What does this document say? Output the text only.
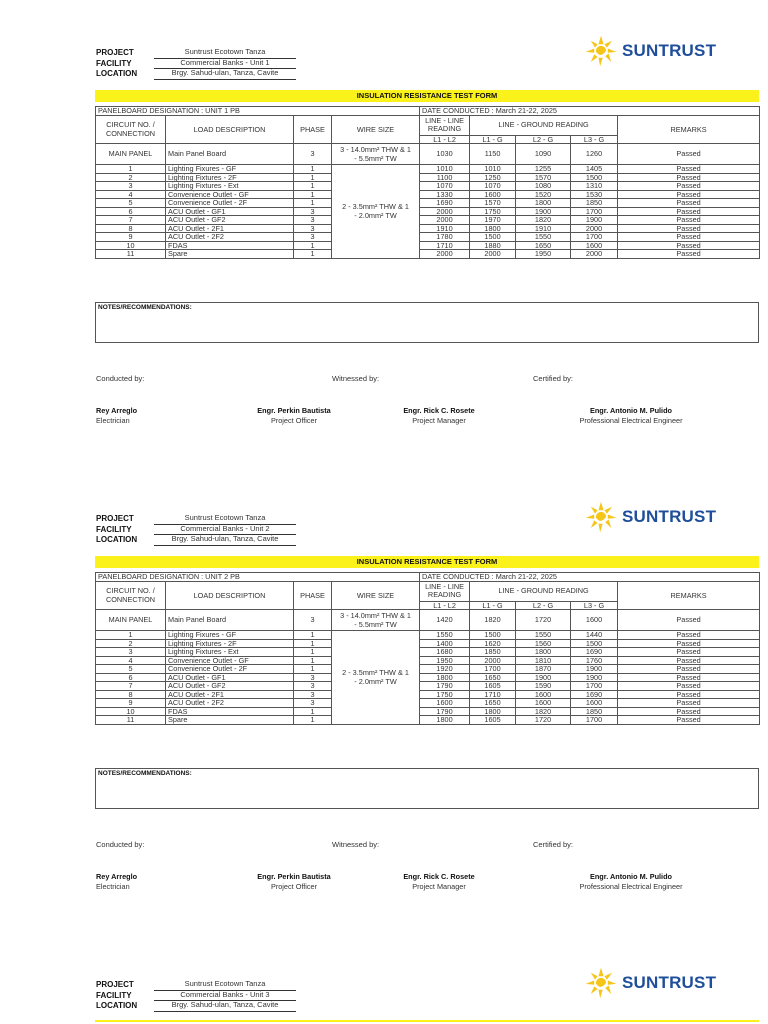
PROJECT	Suntrust Ecotown Tanza
FACILITY	Commercial Banks - Unit 1
LOCATION	Brgy. Sahud-ulan, Tanza, Cavite
SUNTRUST
INSULATION RESISTANCE TEST FORM
PANELBOARD DESIGNATION : UNIT 1 PB				DATE CONDUCTED : March 21-22, 2025				
CIRCUIT NO. / CONNECTION	LOAD DESCRIPTION	PHASE	WIRE SIZE	LINE - LINE READING	LINE - GROUND READING			REMARKS
				L1 - L2	L1 - G	L2 - G	L3 - G	
MAIN PANEL	Main Panel Board	3	3 - 14.0mm² THW & 1 - 5.5mm² TW	1030	1150	1090	1260	Passed
1	Lighting Fixures - GF	1	2 - 3.5mm² THW & 1 - 2.0mm² TW	1010	1010	1255	1405	Passed
2	Lighting Fixtures - 2F	1		1100	1250	1570	1500	Passed
3	Lighting Fixtures - Ext	1		1070	1070	1080	1310	Passed
4	Convenience Outlet - GF	1		1330	1600	1520	1530	Passed
5	Convenience Outlet - 2F	1		1690	1570	1800	1850	Passed
6	ACU Outlet - GF1	3		2000	1750	1900	1700	Passed
7	ACU Outlet - GF2	3		2000	1970	1820	1900	Passed
8	ACU Outlet - 2F1	3		1910	1800	1910	2000	Passed
9	ACU Outlet - 2F2	3		1780	1500	1550	1700	Passed
10	FDAS	1		1710	1880	1650	1600	Passed
11	Spare	1		2000	2000	1950	2000	Passed
NOTES/RECOMMENDATIONS:
Conducted by:	Witnessed by:	Certified by:
Rey Arreglo
Electrician
Engr. Perkin Bautista
Project Officer
Engr. Rick C. Rosete
Project Manager
Engr. Antonio M. Pulido
Professional Electrical Engineer
PROJECT	Suntrust Ecotown Tanza
FACILITY	Commercial Banks - Unit 2
LOCATION	Brgy. Sahud-ulan, Tanza, Cavite
SUNTRUST
INSULATION RESISTANCE TEST FORM
PANELBOARD DESIGNATION : UNIT 2 PB				DATE CONDUCTED : March 21-22, 2025				
CIRCUIT NO. / CONNECTION	LOAD DESCRIPTION	PHASE	WIRE SIZE	LINE - LINE READING	LINE - GROUND READING			REMARKS
				L1 - L2	L1 - G	L2 - G	L3 - G	
MAIN PANEL	Main Panel Board	3	3 - 14.0mm² THW & 1 - 5.5mm² TW	1420	1820	1720	1600	Passed
1	Lighting Fixures - GF	1	2 - 3.5mm² THW & 1 - 2.0mm² TW	1550	1500	1550	1440	Passed
2	Lighting Fixtures - 2F	1		1400	1620	1560	1500	Passed
3	Lighting Fixtures - Ext	1		1680	1850	1800	1690	Passed
4	Convenience Outlet - GF	1		1950	2000	1810	1760	Passed
5	Convenience Outlet - 2F	1		1920	1700	1870	1900	Passed
6	ACU Outlet - GF1	3		1800	1650	1900	1900	Passed
7	ACU Outlet - GF2	3		1790	1605	1590	1700	Passed
8	ACU Outlet - 2F1	3		1750	1710	1600	1690	Passed
9	ACU Outlet - 2F2	3		1600	1650	1600	1600	Passed
10	FDAS	1		1790	1800	1820	1850	Passed
11	Spare	1		1800	1605	1720	1700	Passed
NOTES/RECOMMENDATIONS:
Conducted by:	Witnessed by:	Certified by:
Rey Arreglo
Electrician
Engr. Perkin Bautista
Project Officer
Engr. Rick C. Rosete
Project Manager
Engr. Antonio M. Pulido
Professional Electrical Engineer
PROJECT	Suntrust Ecotown Tanza
FACILITY	Commercial Banks - Unit 3
LOCATION	Brgy. Sahud-ulan, Tanza, Cavite
SUNTRUST
